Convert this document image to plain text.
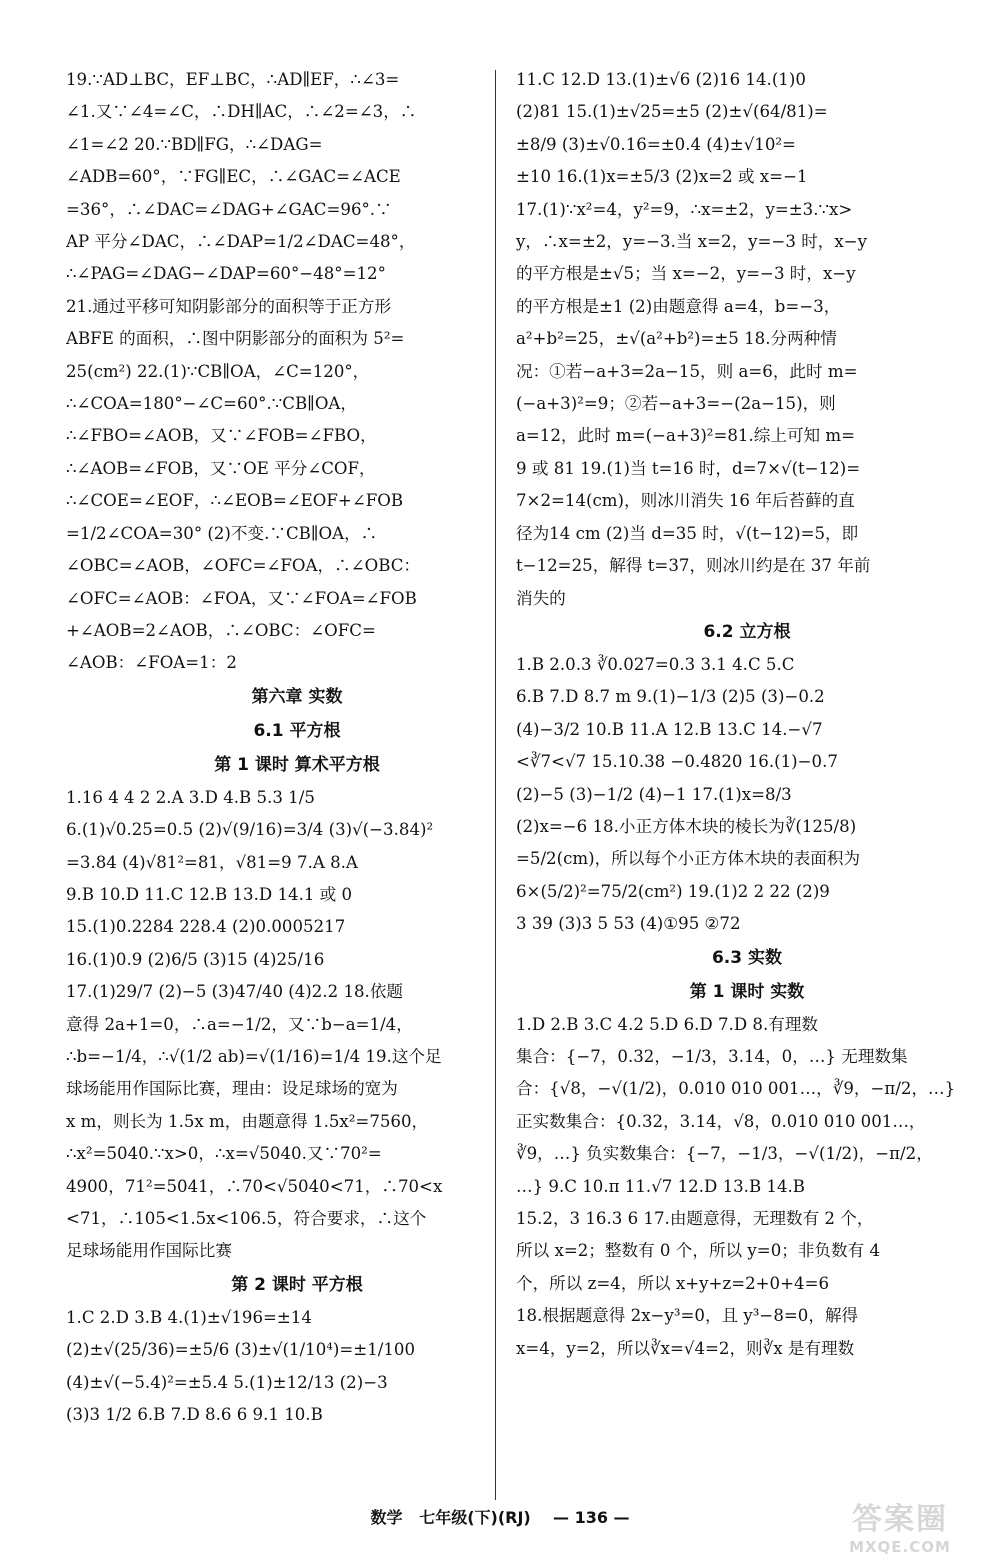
19.∵AD⊥BC，EF⊥BC，∴AD∥EF，∴∠3=
∠1.又∵∠4=∠C，∴DH∥AC，∴∠2=∠3，∴
∠1=∠2 20.∵BD∥FG，∴∠DAG=
∠ADB=60°，∵FG∥EC，∴∠GAC=∠ACE
=36°，∴∠DAC=∠DAG+∠GAC=96°.∵
AP 平分∠DAC，∴∠DAP=1/2∠DAC=48°，
∴∠PAG=∠DAG−∠DAP=60°−48°=12°
21.通过平移可知阴影部分的面积等于正方形
ABFE 的面积，∴图中阴影部分的面积为 5²=
25(cm²) 22.(1)∵CB∥OA，∠C=120°，
∴∠COA=180°−∠C=60°.∵CB∥OA，
∴∠FBO=∠AOB，又∵∠FOB=∠FBO，
∴∠AOB=∠FOB，又∵OE 平分∠COF，
∴∠COE=∠EOF，∴∠EOB=∠EOF+∠FOB
=1/2∠COA=30° (2)不变.∵CB∥OA，∴
∠OBC=∠AOB，∠OFC=∠FOA，∴∠OBC：
∠OFC=∠AOB：∠FOA，又∵∠FOA=∠FOB
+∠AOB=2∠AOB，∴∠OBC：∠OFC=
∠AOB：∠FOA=1：2
第六章 实数
6.1 平方根
第 1 课时 算术平方根
1.16 4 4 2 2.A 3.D 4.B 5.3 1/5
6.(1)√0.25=0.5 (2)√(9/16)=3/4 (3)√(−3.84)²
=3.84 (4)√81²=81，√81=9 7.A 8.A
9.B 10.D 11.C 12.B 13.D 14.1 或 0
15.(1)0.2284 228.4 (2)0.0005217
16.(1)0.9 (2)6/5 (3)15 (4)25/16
17.(1)29/7 (2)−5 (3)47/40 (4)2.2 18.依题
意得 2a+1=0，∴a=−1/2，又∵b−a=1/4，
∴b=−1/4，∴√(1/2 ab)=√(1/16)=1/4 19.这个足
球场能用作国际比赛，理由：设足球场的宽为
x m，则长为 1.5x m，由题意得 1.5x²=7560，
∴x²=5040.∵x>0，∴x=√5040.又∵70²=
4900，71²=5041，∴70<√5040<71，∴70<x
<71，∴105<1.5x<106.5，符合要求，∴这个
足球场能用作国际比赛
第 2 课时 平方根
1.C 2.D 3.B 4.(1)±√196=±14
(2)±√(25/36)=±5/6 (3)±√(1/10⁴)=±1/100
(4)±√(−5.4)²=±5.4 5.(1)±12/13 (2)−3
(3)3 1/2 6.B 7.D 8.6 6 9.1 10.B
11.C 12.D 13.(1)±√6 (2)16 14.(1)0
(2)81 15.(1)±√25=±5 (2)±√(64/81)=
±8/9 (3)±√0.16=±0.4 (4)±√10²=
±10 16.(1)x=±5/3 (2)x=2 或 x=−1
17.(1)∵x²=4，y²=9，∴x=±2，y=±3.∵x>
y，∴x=±2，y=−3.当 x=2，y=−3 时，x−y
的平方根是±√5；当 x=−2，y=−3 时，x−y
的平方根是±1 (2)由题意得 a=4，b=−3，
a²+b²=25，±√(a²+b²)=±5 18.分两种情
况：①若−a+3=2a−15，则 a=6，此时 m=
(−a+3)²=9；②若−a+3=−(2a−15)，则
a=12，此时 m=(−a+3)²=81.综上可知 m=
9 或 81 19.(1)当 t=16 时，d=7×√(t−12)=
7×2=14(cm)，则冰川消失 16 年后苔藓的直
径为14 cm (2)当 d=35 时，√(t−12)=5，即
t−12=25，解得 t=37，则冰川约是在 37 年前
消失的
6.2 立方根
1.B 2.0.3 ∛0.027=0.3 3.1 4.C 5.C
6.B 7.D 8.7 m 9.(1)−1/3 (2)5 (3)−0.2
(4)−3/2 10.B 11.A 12.B 13.C 14.−√7
<∛7<√7 15.10.38 −0.4820 16.(1)−0.7
(2)−5 (3)−1/2 (4)−1 17.(1)x=8/3
(2)x=−6 18.小正方体木块的棱长为∛(125/8)
=5/2(cm)，所以每个小正方体木块的表面积为
6×(5/2)²=75/2(cm²) 19.(1)2 2 22 (2)9
3 39 (3)3 5 53 (4)①95 ②72
6.3 实数
第 1 课时 实数
1.D 2.B 3.C 4.2 5.D 6.D 7.D 8.有理数
集合：{−7，0.32，−1/3，3.14，0，…} 无理数集
合：{√8，−√(1/2)，0.010 010 001…，∛9，−π/2，…}
正实数集合：{0.32，3.14，√8，0.010 010 001…，
∛9，…} 负实数集合：{−7，−1/3，−√(1/2)，−π/2，
…} 9.C 10.π 11.√7 12.D 13.B 14.B
15.2，3 16.3 6 17.由题意得，无理数有 2 个，
所以 x=2；整数有 0 个，所以 y=0；非负数有 4
个，所以 z=4，所以 x+y+z=2+0+4=6
18.根据题意得 2x−y³=0，且 y³−8=0，解得
x=4，y=2，所以∛x=√4=2，则∛x 是有理数
数学 七年级(下)(RJ) — 136 —	答案圈
MXQE.COM
